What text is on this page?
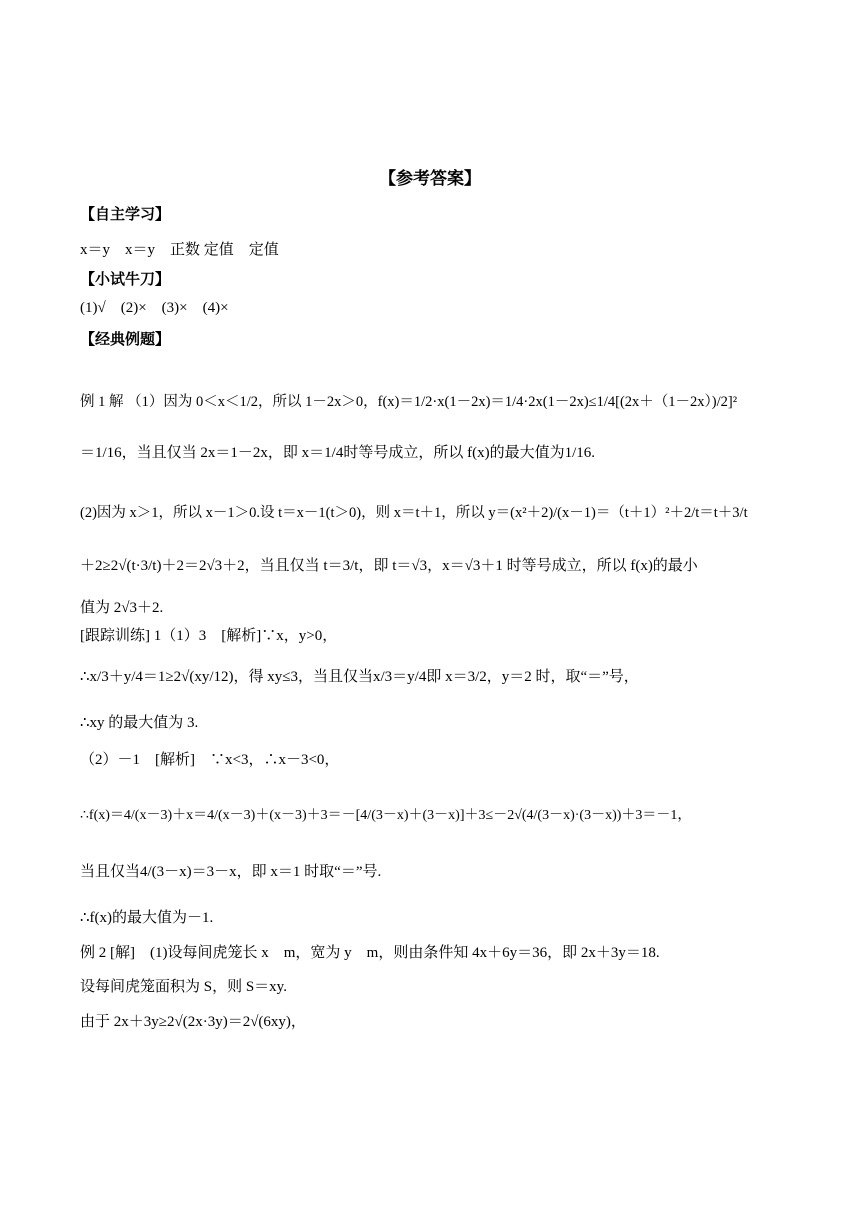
【参考答案】
【自主学习】
x＝y　x＝y　正数 定值　定值
【小试牛刀】
(1)√　(2)×　(3)×　(4)×
【经典例题】
例 1 解 （1）因为 0＜x＜1/2，所以 1－2x＞0，f(x)＝1/2·x(1－2x)＝1/4·2x(1－2x)≤1/4[(2x＋（1－2x）)/2]²
＝1/16，当且仅当 2x＝1－2x，即 x＝1/4时等号成立，所以 f(x)的最大值为1/16.
(2)因为 x＞1，所以 x－1＞0.设 t＝x－1(t＞0)，则 x＝t＋1，所以 y＝(x²＋2)/(x－1)＝（t＋1）²＋2/t＝t＋3/t
＋2≥2√(t·3/t)＋2＝2√3＋2，当且仅当 t＝3/t，即 t＝√3，x＝√3＋1 时等号成立，所以 f(x)的最小
值为 2√3＋2.
[跟踪训练] 1（1）3　[解析]∵x，y>0，
∴x/3＋y/4＝1≥2√(xy/12)，得 xy≤3，当且仅当x/3＝y/4即 x＝3/2，y＝2 时，取“＝”号，
∴xy 的最大值为 3.
（2）－1　[解析]　∵x<3，∴x－3<0，
∴f(x)＝4/(x－3)＋x＝4/(x－3)＋(x－3)＋3＝－[4/(3－x)＋(3－x)]＋3≤－2√(4/(3－x)·(3－x))＋3＝－1，
当且仅当4/(3－x)＝3－x，即 x＝1 时取“＝”号.
∴f(x)的最大值为－1.
例 2 [解]　(1)设每间虎笼长 x　m，宽为 y　m，则由条件知 4x＋6y＝36，即 2x＋3y＝18.
设每间虎笼面积为 S，则 S＝xy.
由于 2x＋3y≥2√(2x·3y)＝2√(6xy)，
